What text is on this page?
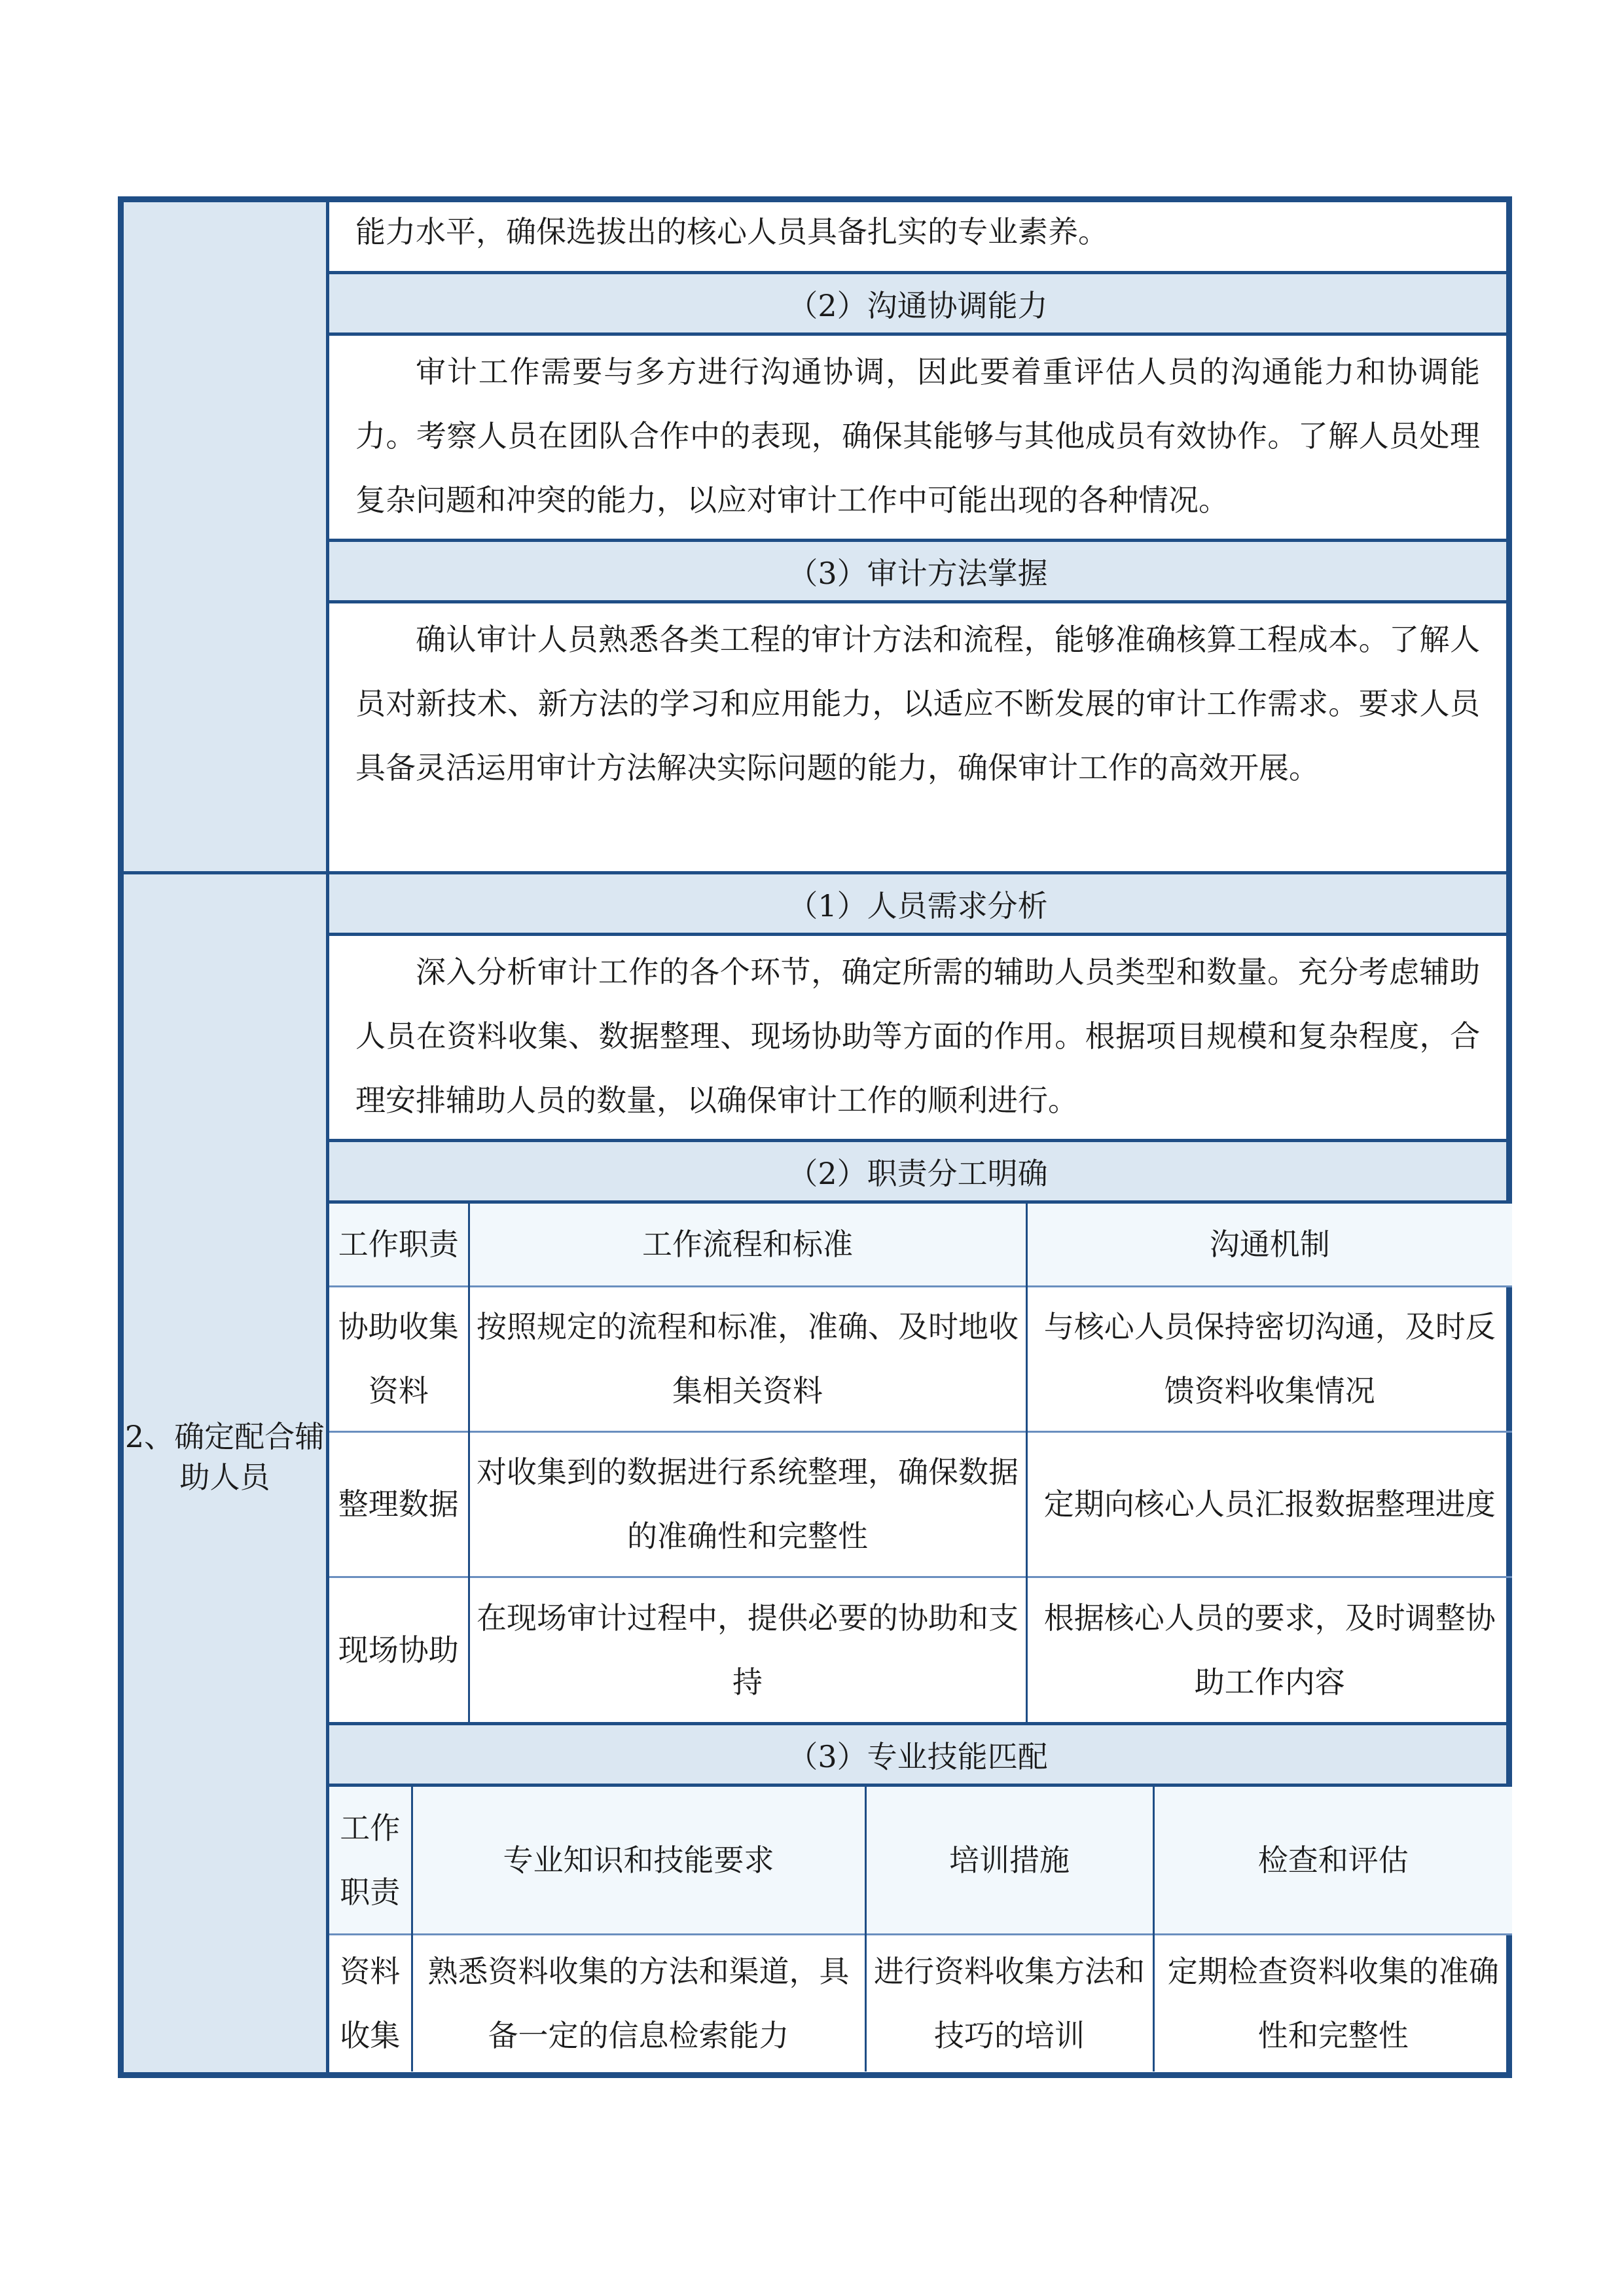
2、确定配合辅助人员
能力水平，确保选拔出的核心人员具备扎实的专业素养。
（2）沟通协调能力
审计工作需要与多方进行沟通协调，因此要着重评估人员的沟通能力和协调能力。考察人员在团队合作中的表现，确保其能够与其他成员有效协作。了解人员处理复杂问题和冲突的能力，以应对审计工作中可能出现的各种情况。
（3）审计方法掌握
确认审计人员熟悉各类工程的审计方法和流程，能够准确核算工程成本。了解人员对新技术、新方法的学习和应用能力，以适应不断发展的审计工作需求。要求人员具备灵活运用审计方法解决实际问题的能力，确保审计工作的高效开展。
（1）人员需求分析
深入分析审计工作的各个环节，确定所需的辅助人员类型和数量。充分考虑辅助人员在资料收集、数据整理、现场协助等方面的作用。根据项目规模和复杂程度，合理安排辅助人员的数量，以确保审计工作的顺利进行。
（2）职责分工明确
工作职责	工作流程和标准	沟通机制
协助收集资料	按照规定的流程和标准，准确、及时地收集相关资料	与核心人员保持密切沟通，及时反馈资料收集情况
整理数据	对收集到的数据进行系统整理，确保数据的准确性和完整性	定期向核心人员汇报数据整理进度
现场协助	在现场审计过程中，提供必要的协助和支持	根据核心人员的要求，及时调整协助工作内容
（3）专业技能匹配
工作职责	专业知识和技能要求	培训措施	检查和评估
资料收集	熟悉资料收集的方法和渠道，具备一定的信息检索能力	进行资料收集方法和技巧的培训	定期检查资料收集的准确性和完整性
